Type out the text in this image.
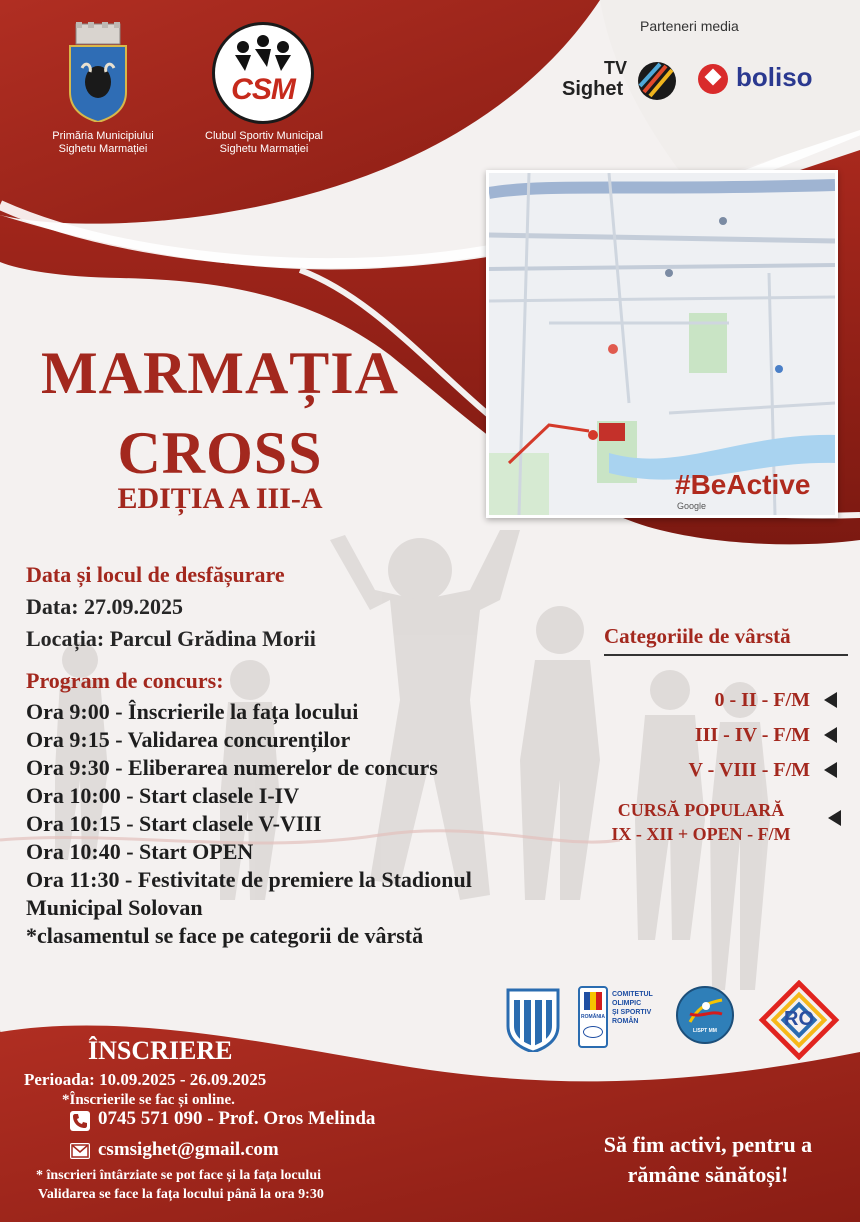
Primăria Municipiului
Sighetu Marmației
CSM
Clubul Sportiv Municipal
Sighetu Marmației
Parteneri media
TV
Sighet	boliso
#BeActive
Google
MARMAȚIA
CROSS
EDIȚIA A III-A
Data și locul de desfășurare
Data: 27.09.2025
Locația: Parcul Grădina Morii
Program de concurs:
Ora 9:00 - Înscrierile la fața locului
Ora 9:15 - Validarea concurenților
Ora 9:30 - Eliberarea numerelor de concurs
Ora 10:00 - Start clasele I-IV
Ora 10:15 - Start clasele V-VIII
Ora 10:40 - Start OPEN
Ora 11:30 - Festivitate de premiere la Stadionul
Municipal Solovan
*clasamentul se face pe categorii de vârstă
Categoriile de vârstă
0 - II - F/M
III - IV - F/M
V - VIII - F/M
CURSĂ POPULARĂ
IX - XII + OPEN - F/M
ROMÂNIA
COMITETUL
OLIMPIC
ȘI SPORTIV
ROMÂN
LISPT MM
RO
ÎNSCRIERE
Perioada: 10.09.2025 - 26.09.2025
*Înscrierile se fac și online.
0745 571 090 - Prof. Oros Melinda
csmsighet@gmail.com
* înscrieri întârziate se pot face și la fața locului
Validarea se face la fața locului până la ora 9:30
Să fim activi, pentru a
rămâne sănătoși!
